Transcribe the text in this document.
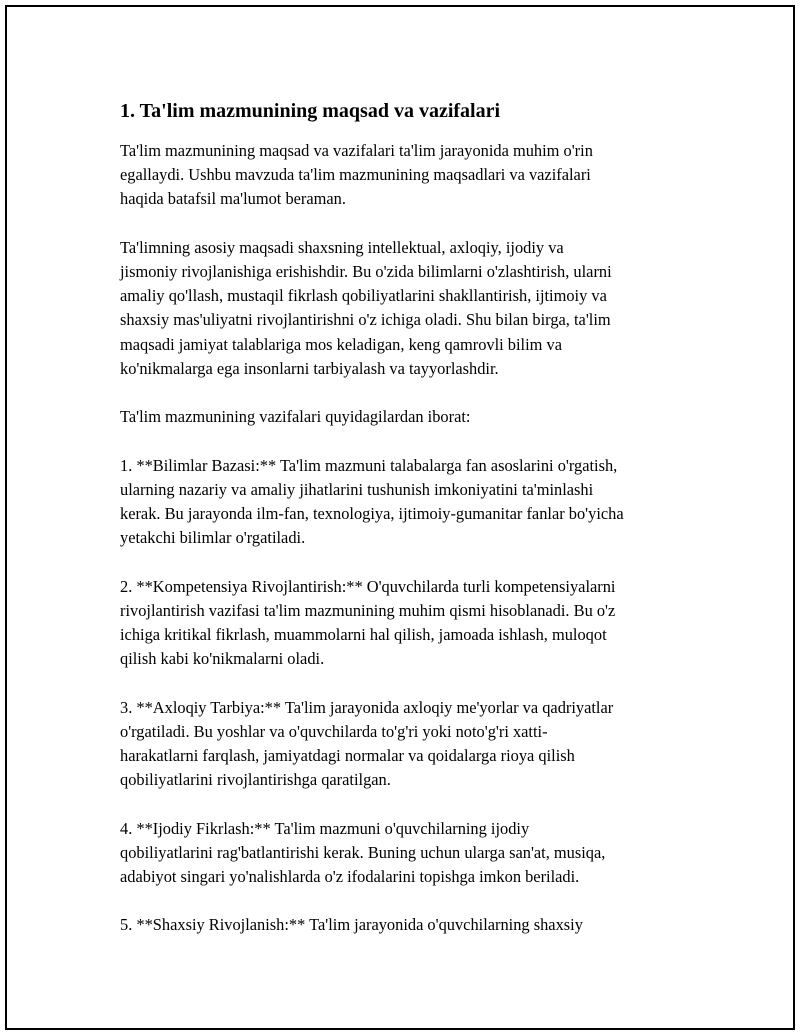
1. Ta'lim mazmunining maqsad va vazifalari

Ta'lim mazmunining maqsad va vazifalari ta'lim jarayonida muhim o'rin
egallaydi. Ushbu mavzuda ta'lim mazmunining maqsadlari va vazifalari
haqida batafsil ma'lumot beraman.

Ta'limning asosiy maqsadi shaxsning intellektual, axloqiy, ijodiy va
jismoniy rivojlanishiga erishishdir. Bu o'zida bilimlarni o'zlashtirish, ularni
amaliy qo'llash, mustaqil fikrlash qobiliyatlarini shakllantirish, ijtimoiy va
shaxsiy mas'uliyatni rivojlantirishni o'z ichiga oladi. Shu bilan birga, ta'lim
maqsadi jamiyat talablariga mos keladigan, keng qamrovli bilim va
ko'nikmalarga ega insonlarni tarbiyalash va tayyorlashdir.

Ta'lim mazmunining vazifalari quyidagilardan iborat:

1. **Bilimlar Bazasi:** Ta'lim mazmuni talabalarga fan asoslarini o'rgatish,
ularning nazariy va amaliy jihatlarini tushunish imkoniyatini ta'minlashi
kerak. Bu jarayonda ilm-fan, texnologiya, ijtimoiy-gumanitar fanlar bo'yicha
yetakchi bilimlar o'rgatiladi.

2. **Kompetensiya Rivojlantirish:** O'quvchilarda turli kompetensiyalarni
rivojlantirish vazifasi ta'lim mazmunining muhim qismi hisoblanadi. Bu o'z
ichiga kritikal fikrlash, muammolarni hal qilish, jamoada ishlash, muloqot
qilish kabi ko'nikmalarni oladi.

3. **Axloqiy Tarbiya:** Ta'lim jarayonida axloqiy me'yorlar va qadriyatlar
o'rgatiladi. Bu yoshlar va o'quvchilarda to'g'ri yoki noto'g'ri xatti-
harakatlarni farqlash, jamiyatdagi normalar va qoidalarga rioya qilish
qobiliyatlarini rivojlantirishga qaratilgan.

4. **Ijodiy Fikrlash:** Ta'lim mazmuni o'quvchilarning ijodiy
qobiliyatlarini rag'batlantirishi kerak. Buning uchun ularga san'at, musiqa,
adabiyot singari yo'nalishlarda o'z ifodalarini topishga imkon beriladi.

5. **Shaxsiy Rivojlanish:** Ta'lim jarayonida o'quvchilarning shaxsiy
